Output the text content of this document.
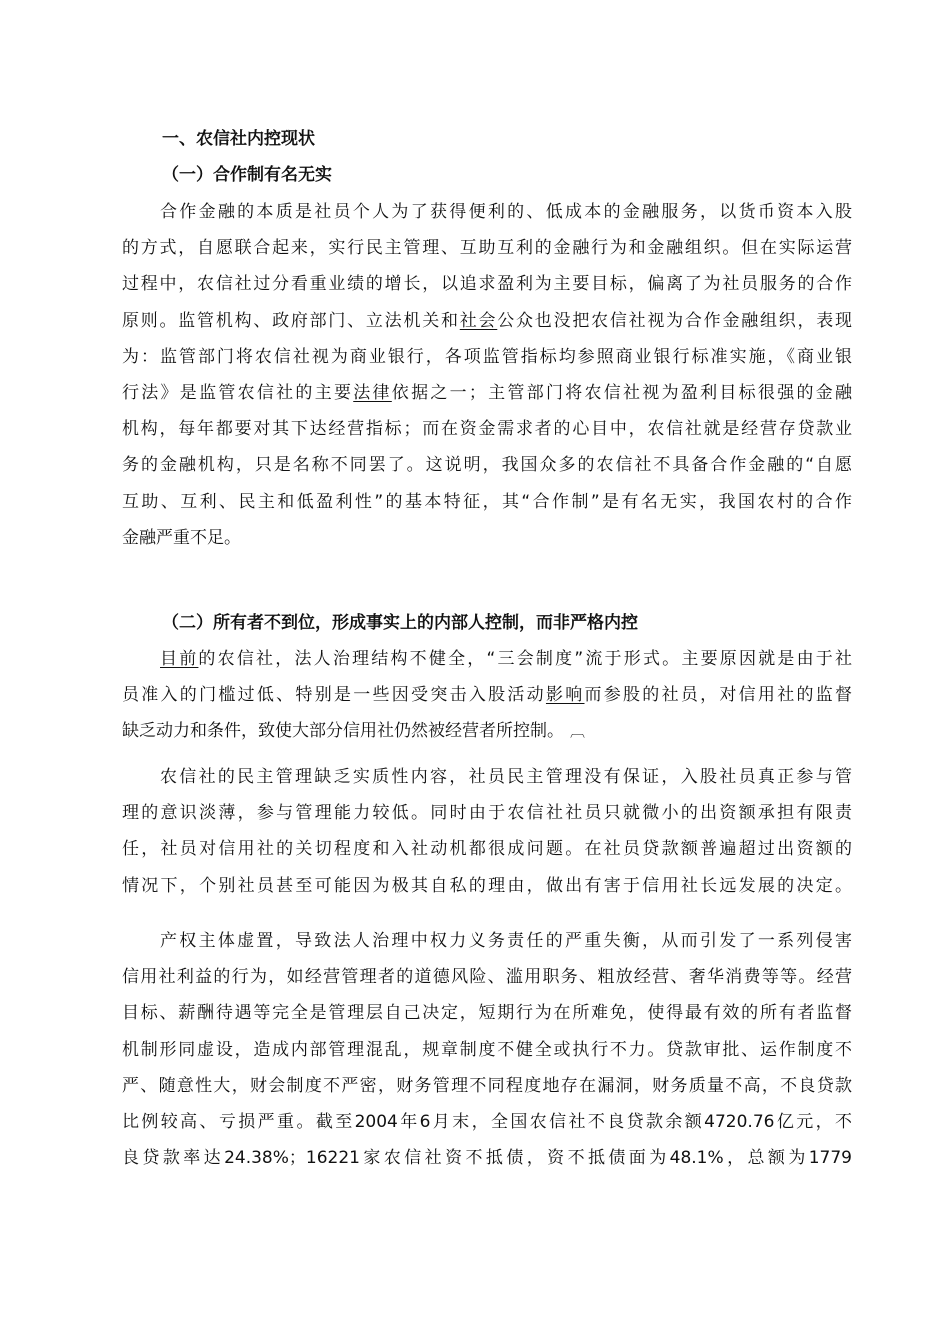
一、农信社内控现状
（一）合作制有名无实
合作金融的本质是社员个人为了获得便利的、低成本的金融服务，以货币资本入股
的方式，自愿联合起来，实行民主管理、互助互利的金融行为和金融组织。但在实际运营
过程中，农信社过分看重业绩的增长，以追求盈利为主要目标，偏离了为社员服务的合作
原则。监管机构、政府部门、立法机关和社会公众也没把农信社视为合作金融组织，表现
为：监管部门将农信社视为商业银行，各项监管指标均参照商业银行标准实施，《商业银
行法》是监管农信社的主要法律依据之一；主管部门将农信社视为盈利目标很强的金融
机构，每年都要对其下达经营指标；而在资金需求者的心目中，农信社就是经营存贷款业
务的金融机构，只是名称不同罢了。这说明，我国众多的农信社不具备合作金融的“自愿
互助、互利、民主和低盈利性”的基本特征，其“合作制”是有名无实，我国农村的合作
金融严重不足。
（二）所有者不到位，形成事实上的内部人控制，而非严格内控
目前的农信社，法人治理结构不健全，“三会制度”流于形式。主要原因就是由于社
员准入的门槛过低、特别是一些因受突击入股活动影响而参股的社员，对信用社的监督
缺乏动力和条件，致使大部分信用社仍然被经营者所控制。 ︹
农信社的民主管理缺乏实质性内容，社员民主管理没有保证，入股社员真正参与管
理的意识淡薄，参与管理能力较低。同时由于农信社社员只就微小的出资额承担有限责
任，社员对信用社的关切程度和入社动机都很成问题。在社员贷款额普遍超过出资额的
情况下，个别社员甚至可能因为极其自私的理由，做出有害于信用社长远发展的决定。
产权主体虚置，导致法人治理中权力义务责任的严重失衡，从而引发了一系列侵害
信用社利益的行为，如经营管理者的道德风险、滥用职务、粗放经营、奢华消费等等。经营
目标、薪酬待遇等完全是管理层自己决定，短期行为在所难免，使得最有效的所有者监督
机制形同虚设，造成内部管理混乱，规章制度不健全或执行不力。贷款审批、运作制度不
严、随意性大，财会制度不严密，财务管理不同程度地存在漏洞，财务质量不高，不良贷款
比例较高、亏损严重。截至2004年6月末，全国农信社不良贷款余额4720.76亿元，不
良贷款率达24.38%；16221家农信社资不抵债，资不抵债面为48.1%，总额为1779
